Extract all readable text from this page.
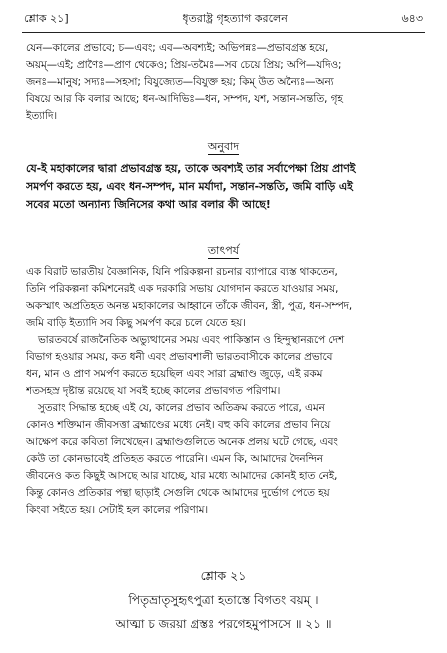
শ্লোক ২১]	ধৃতরাষ্ট্র গৃহত্যাগ করলেন	৬৪৩
যেন—কালের প্রভাবে; চ—এবং; এব—অবশ্যই; অভিপন্নঃ—প্রভাবগ্রস্ত হয়ে,
অয়ম্—এই; প্রাণৈঃ—প্রাণ থেকেও; প্রিয়-তমৈঃ—সব চেয়ে প্রিয়; অপি—যদিও;
জনঃ—মানুষ; সদ্যঃ—সহসা; বিযুজ্যেত—বিযুক্ত হয়; কিম্ উত অন্যৈঃ—অন্য
বিষয়ে আর কি বলার আছে; ধন-আদিভিঃ—ধন, সম্পদ, যশ, সন্তান-সন্ততি, গৃহ
ইত্যাদি।
অনুবাদ
যে-ই মহাকালের দ্বারা প্রভাবগ্রস্ত হয়, তাকে অবশ্যই তার সর্বাপেক্ষা প্রিয় প্রাণই
সমর্পণ করতে হয়, এবং ধন-সম্পদ, মান মর্যাদা, সন্তান-সন্ততি, জমি বাড়ি এই
সবের মতো অন্যান্য জিনিসের কথা আর বলার কী আছে!
তাৎপর্য
এক বিরাট ভারতীয় বৈজ্ঞানিক, যিনি পরিকল্পনা রচনার ব্যাপারে ব্যস্ত থাকতেন,
তিনি পরিকল্পনা কমিশনেরই এক দরকারি সভায় যোগদান করতে যাওয়ার সময়,
অকস্মাৎ অপ্রতিহত অনন্ত মহাকালের আহ্বানে তাঁকে জীবন, স্ত্রী, পুত্র, ধন-সম্পদ,
জমি বাড়ি ইত্যাদি সব কিছু সমর্পণ করে চলে যেতে হয়।
ভারতবর্ষে রাজনৈতিক অভ্যুত্থানের সময় এবং পাকিস্তান ও হিন্দুস্থানরূপে দেশ
বিভাগ হওয়ার সময়, কত ধনী এবং প্রভাবশালী ভারতবাসীকে কালের প্রভাবে
ধন, মান ও প্রাণ সমর্পণ করতে হয়েছিল এবং সারা ব্রহ্মাণ্ড জুড়ে, এই রকম
শতসহস্র দৃষ্টান্ত রয়েছে যা সবই হচ্ছে কালের প্রভাবগত পরিণাম।
সুতরাং সিদ্ধান্ত হচ্ছে এই যে, কালের প্রভাব অতিক্রম করতে পারে, এমন
কোনও শক্তিমান জীবসত্তা ব্রহ্মাণ্ডের মধ্যে নেই। বহু কবি কালের প্রভাব নিয়ে
আক্ষেপ করে কবিতা লিখেছেন। ব্রহ্মাণ্ডগুলিতে অনেক প্রলয় ঘটে গেছে, এবং
কেউ তা কোনভাবেই প্রতিহত করতে পারেনি। এমন কি, আমাদের দৈনন্দিন
জীবনেও কত কিছুই আসছে আর যাচ্ছে, যার মধ্যে আমাদের কোনই হাত নেই,
কিন্তু কোনও প্রতিকার পন্থা ছাড়াই সেগুলি থেকে আমাদের দুর্ভোগ পেতে হয়
কিংবা সইতে হয়। সেটাই হল কালের পরিণাম।
শ্লোক ২১
পিতৃভ্রাতৃসুহৃৎপুত্রা হতাস্তে বিগতং বয়ম্ ।
আত্মা চ জরয়া গ্রস্তঃ পরগেহমুপাসসে ॥ ২১ ॥
